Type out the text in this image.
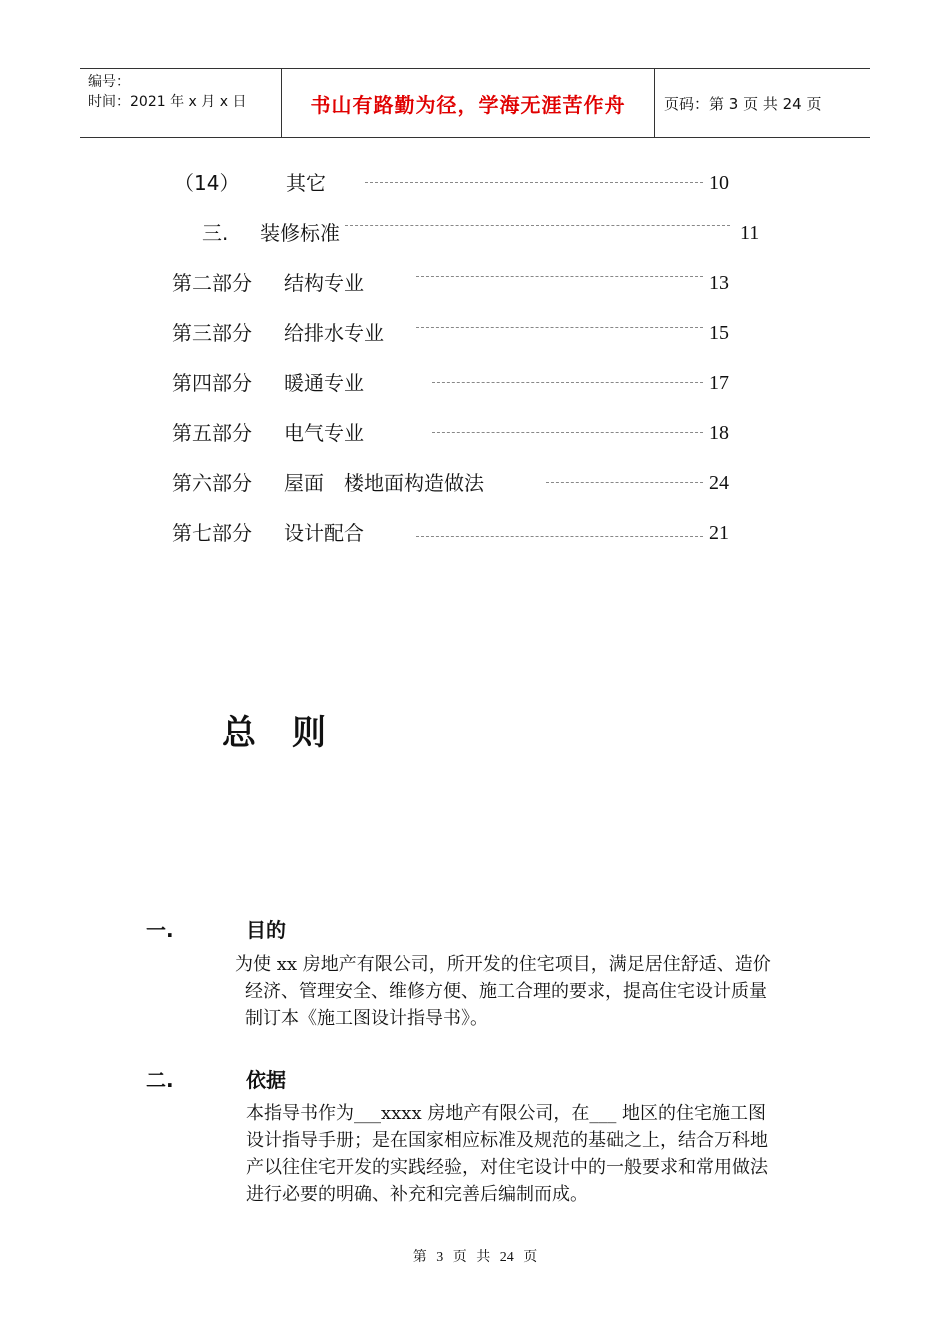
编号：
时间：2021 年 x 月 x 日	书山有路勤为径，学海无涯苦作舟	页码：第 3 页 共 24 页
（14） 其它	10
三. 装修标准	11
第二部分 结构专业	13
第三部分 给排水专业	15
第四部分 暖通专业	17
第五部分 电气专业	18
第六部分 屋面　楼地面构造做法	24
第七部分 设计配合	21
总则
一.	目的
为使 xx 房地产有限公司，所开发的住宅项目，满足居住舒适、造价
经济、管理安全、维修方便、施工合理的要求，提高住宅设计质量
制订本《施工图设计指导书》。
二.	依据
本指导书作为___xxxx 房地产有限公司，在___ 地区的住宅施工图
设计指导手册；是在国家相应标准及规范的基础之上，结合万科地
产以往住宅开发的实践经验，对住宅设计中的一般要求和常用做法
进行必要的明确、补充和完善后编制而成。
第 3 页 共 24 页
